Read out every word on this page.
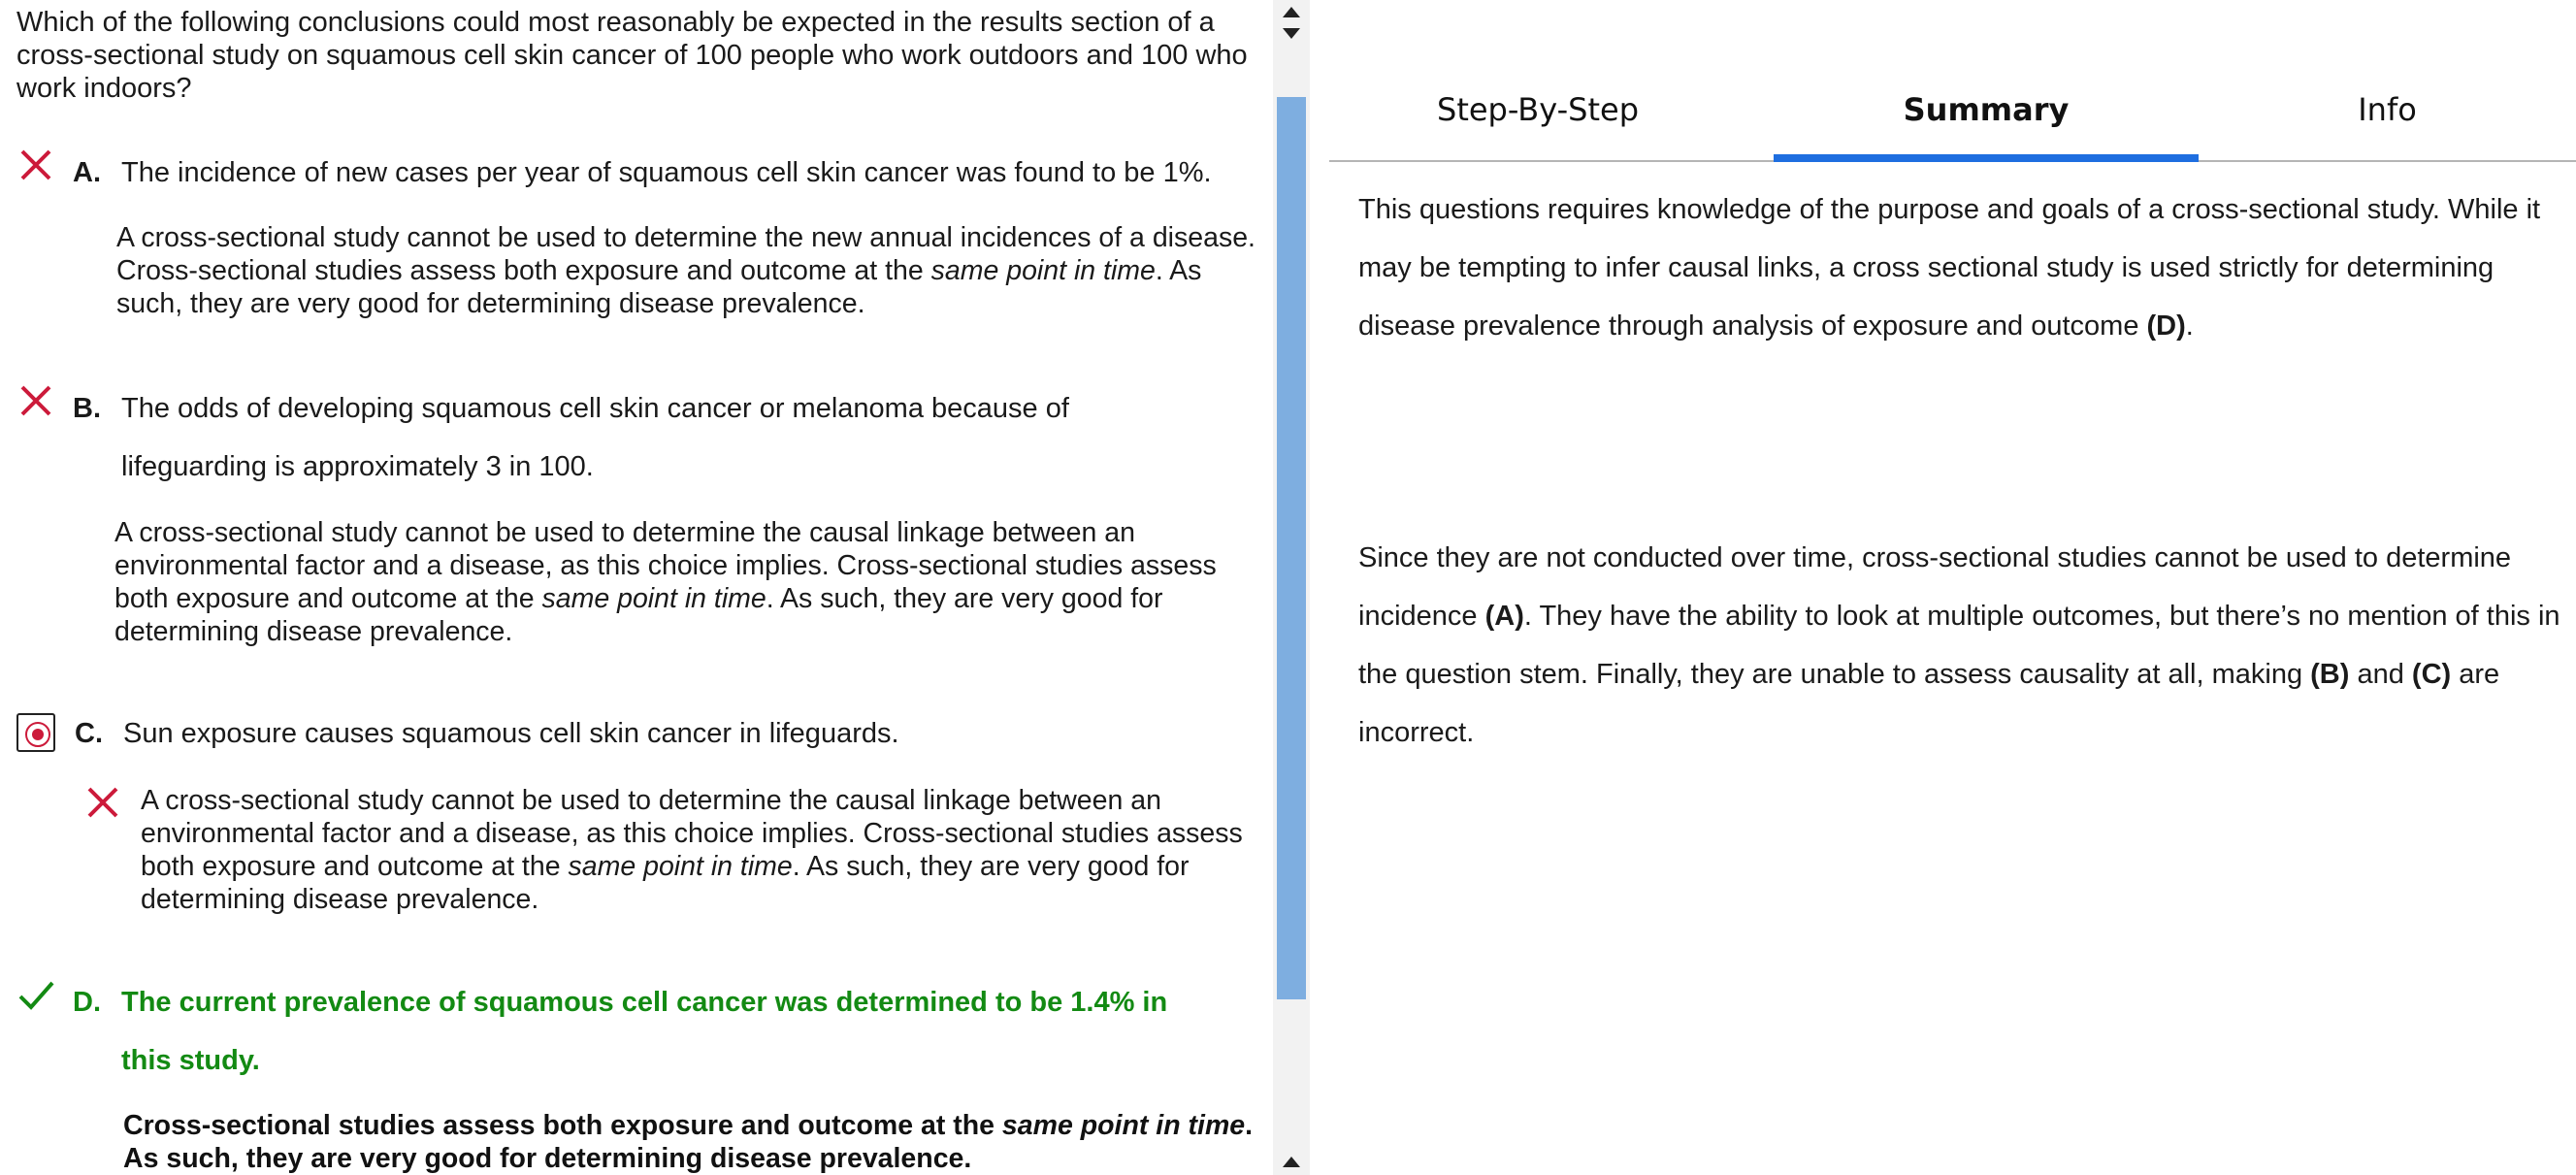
Which of the following conclusions could most reasonably be expected in the results section of a cross-sectional study on squamous cell skin cancer of 100 people who work outdoors and 100 who work indoors?
A. The incidence of new cases per year of squamous cell skin cancer was found to be 1%.
A cross-sectional study cannot be used to determine the new annual incidences of a disease. Cross-sectional studies assess both exposure and outcome at the same point in time. As such, they are very good for determining disease prevalence.
B. The odds of developing squamous cell skin cancer or melanoma because of
lifeguarding is approximately 3 in 100.
A cross-sectional study cannot be used to determine the causal linkage between an environmental factor and a disease, as this choice implies. Cross-sectional studies assess both exposure and outcome at the same point in time. As such, they are very good for determining disease prevalence.
C. Sun exposure causes squamous cell skin cancer in lifeguards.
A cross-sectional study cannot be used to determine the causal linkage between an environmental factor and a disease, as this choice implies. Cross-sectional studies assess both exposure and outcome at the same point in time. As such, they are very good for determining disease prevalence.
D. The current prevalence of squamous cell cancer was determined to be 1.4% in
this study.
Cross-sectional studies assess both exposure and outcome at the same point in time. As such, they are very good for determining disease prevalence.
Step-By-Step	Summary	Info
This questions requires knowledge of the purpose and goals of a cross-sectional study. While it may be tempting to infer causal links, a cross sectional study is used strictly for determining disease prevalence through analysis of exposure and outcome (D).
Since they are not conducted over time, cross-sectional studies cannot be used to determine incidence (A). They have the ability to look at multiple outcomes, but there’s no mention of this in the question stem. Finally, they are unable to assess causality at all, making (B) and (C) are incorrect.
